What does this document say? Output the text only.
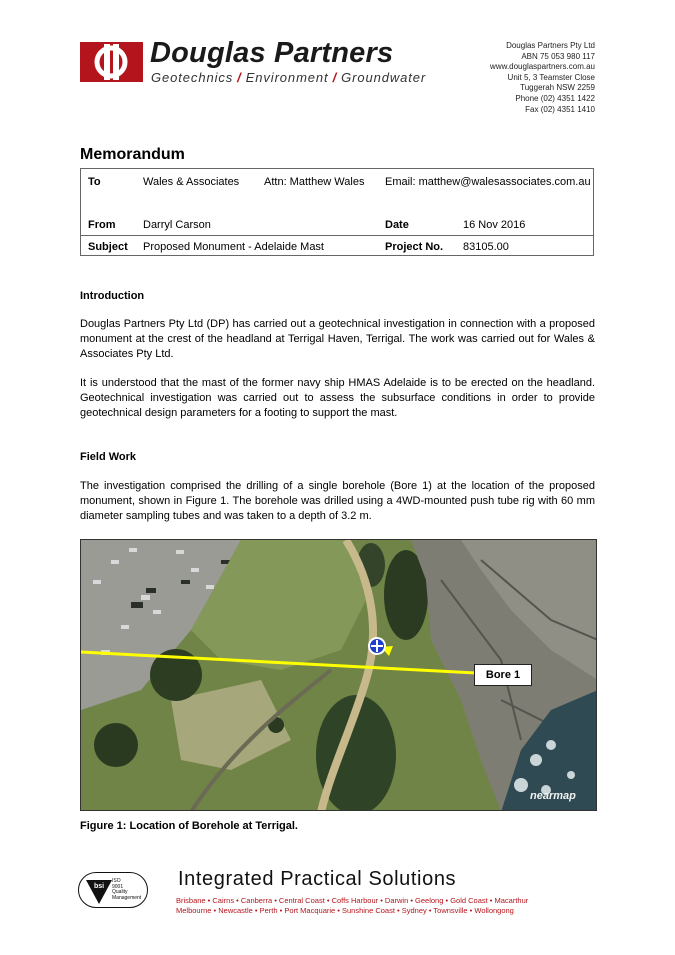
Douglas Partners
Geotechnics / Environment / Groundwater
Douglas Partners Pty Ltd
ABN 75 053 980 117
www.douglaspartners.com.au
Unit 5, 3 Teamster Close
Tuggerah NSW 2259
Phone (02) 4351 1422
Fax (02) 4351 1410
Memorandum
To	Wales & Associates Attn: Matthew Wales Email: matthew@walesassociates.com.au
From	Darryl Carson	Date	16 Nov 2016
Subject Proposed Monument - Adelaide Mast	Project No. 83105.00
Introduction
Douglas Partners Pty Ltd (DP) has carried out a geotechnical investigation in connection with a proposed monument at the crest of the headland at Terrigal Haven, Terrigal. The work was carried out for Wales & Associates Pty Ltd.
It is understood that the mast of the former navy ship HMAS Adelaide is to be erected on the headland. Geotechnical investigation was carried out to assess the subsurface conditions in order to provide geotechnical design parameters for a footing to support the mast.
Field Work
The investigation comprised the drilling of a single borehole (Bore 1) at the location of the proposed monument, shown in Figure 1. The borehole was drilled using a 4WD-mounted push tube rig with 60 mm diameter sampling tubes and was taken to a depth of 3.2 m.
Bore 1
nearmap
Figure 1: Location of Borehole at Terrigal.
bsi
ISO
9001
Quality
Management
Integrated Practical Solutions
Brisbane • Cairns • Canberra • Central Coast • Coffs Harbour • Darwin • Geelong • Gold Coast • Macarthur
Melbourne • Newcastle • Perth • Port Macquarie • Sunshine Coast • Sydney • Townsville • Wollongong
